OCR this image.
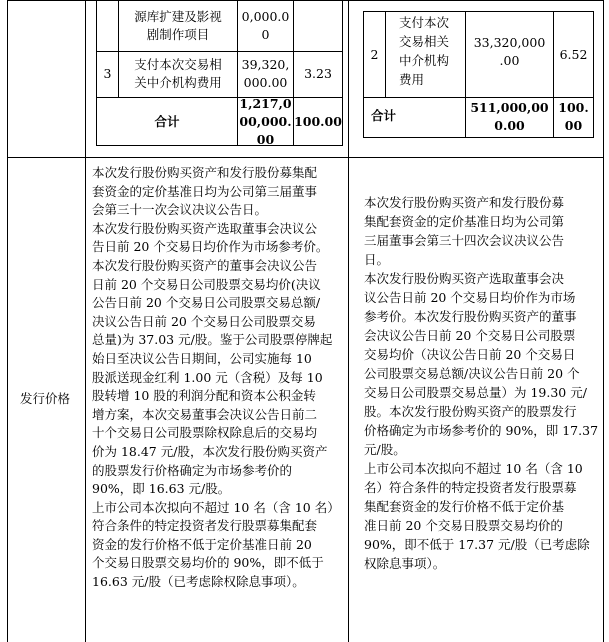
源库扩建及影视
剧制作项目
0,000.0
0
3
支付本次交易相
关中介机构费用
39,320,
000.00
3.23
合计
1,217,0
00,000.
00
100.00
2
支付本次
交易相关
中介机构
费用
33,320,000
.00	6.52
合计
511,000,00
0.00
100.
00
发行价格
本次发行股份购买资产和发行股份募集配
套资金的定价基准日均为公司第三届董事
会第三十一次会议决议公告日。
本次发行股份购买资产选取董事会决议公
告日前 20 个交易日均价作为市场参考价。
本次发行股份购买资产的董事会决议公告
日前 20 个交易日公司股票交易均价(决议
公告日前 20 个交易日公司股票交易总额/
决议公告日前 20 个交易日公司股票交易
总量)为 37.03 元/股。鉴于公司股票停牌起
始日至决议公告日期间，公司实施每 10
股派送现金红利 1.00 元（含税）及每 10
股转增 10 股的利润分配和资本公积金转
增方案，本次交易董事会决议公告日前二
十个交易日公司股票除权除息后的交易均
价为 18.47 元/股，本次发行股份购买资产
的股票发行价格确定为市场参考价的
90%，即 16.63 元/股。
上市公司本次拟向不超过 10 名（含 10 名）
符合条件的特定投资者发行股票募集配套
资金的发行价格不低于定价基准日前 20
个交易日股票交易均价的 90%，即不低于
16.63 元/股（已考虑除权除息事项）。
本次发行股份购买资产和发行股份募
集配套资金的定价基准日均为公司第
三届董事会第三十四次会议决议公告
日。
本次发行股份购买资产选取董事会决
议公告日前 20 个交易日均价作为市场
参考价。本次发行股份购买资产的董事
会决议公告日前 20 个交易日公司股票
交易均价（决议公告日前 20 个交易日
公司股票交易总额/决议公告日前 20 个
交易日公司股票交易总量）为 19.30 元/
股。本次发行股份购买资产的股票发行
价格确定为市场参考价的 90%，即 17.37
元/股。
上市公司本次拟向不超过 10 名（含 10
名）符合条件的特定投资者发行股票募
集配套资金的发行价格不低于定价基
准日前 20 个交易日股票交易均价的
90%，即不低于 17.37 元/股（已考虑除
权除息事项）。
